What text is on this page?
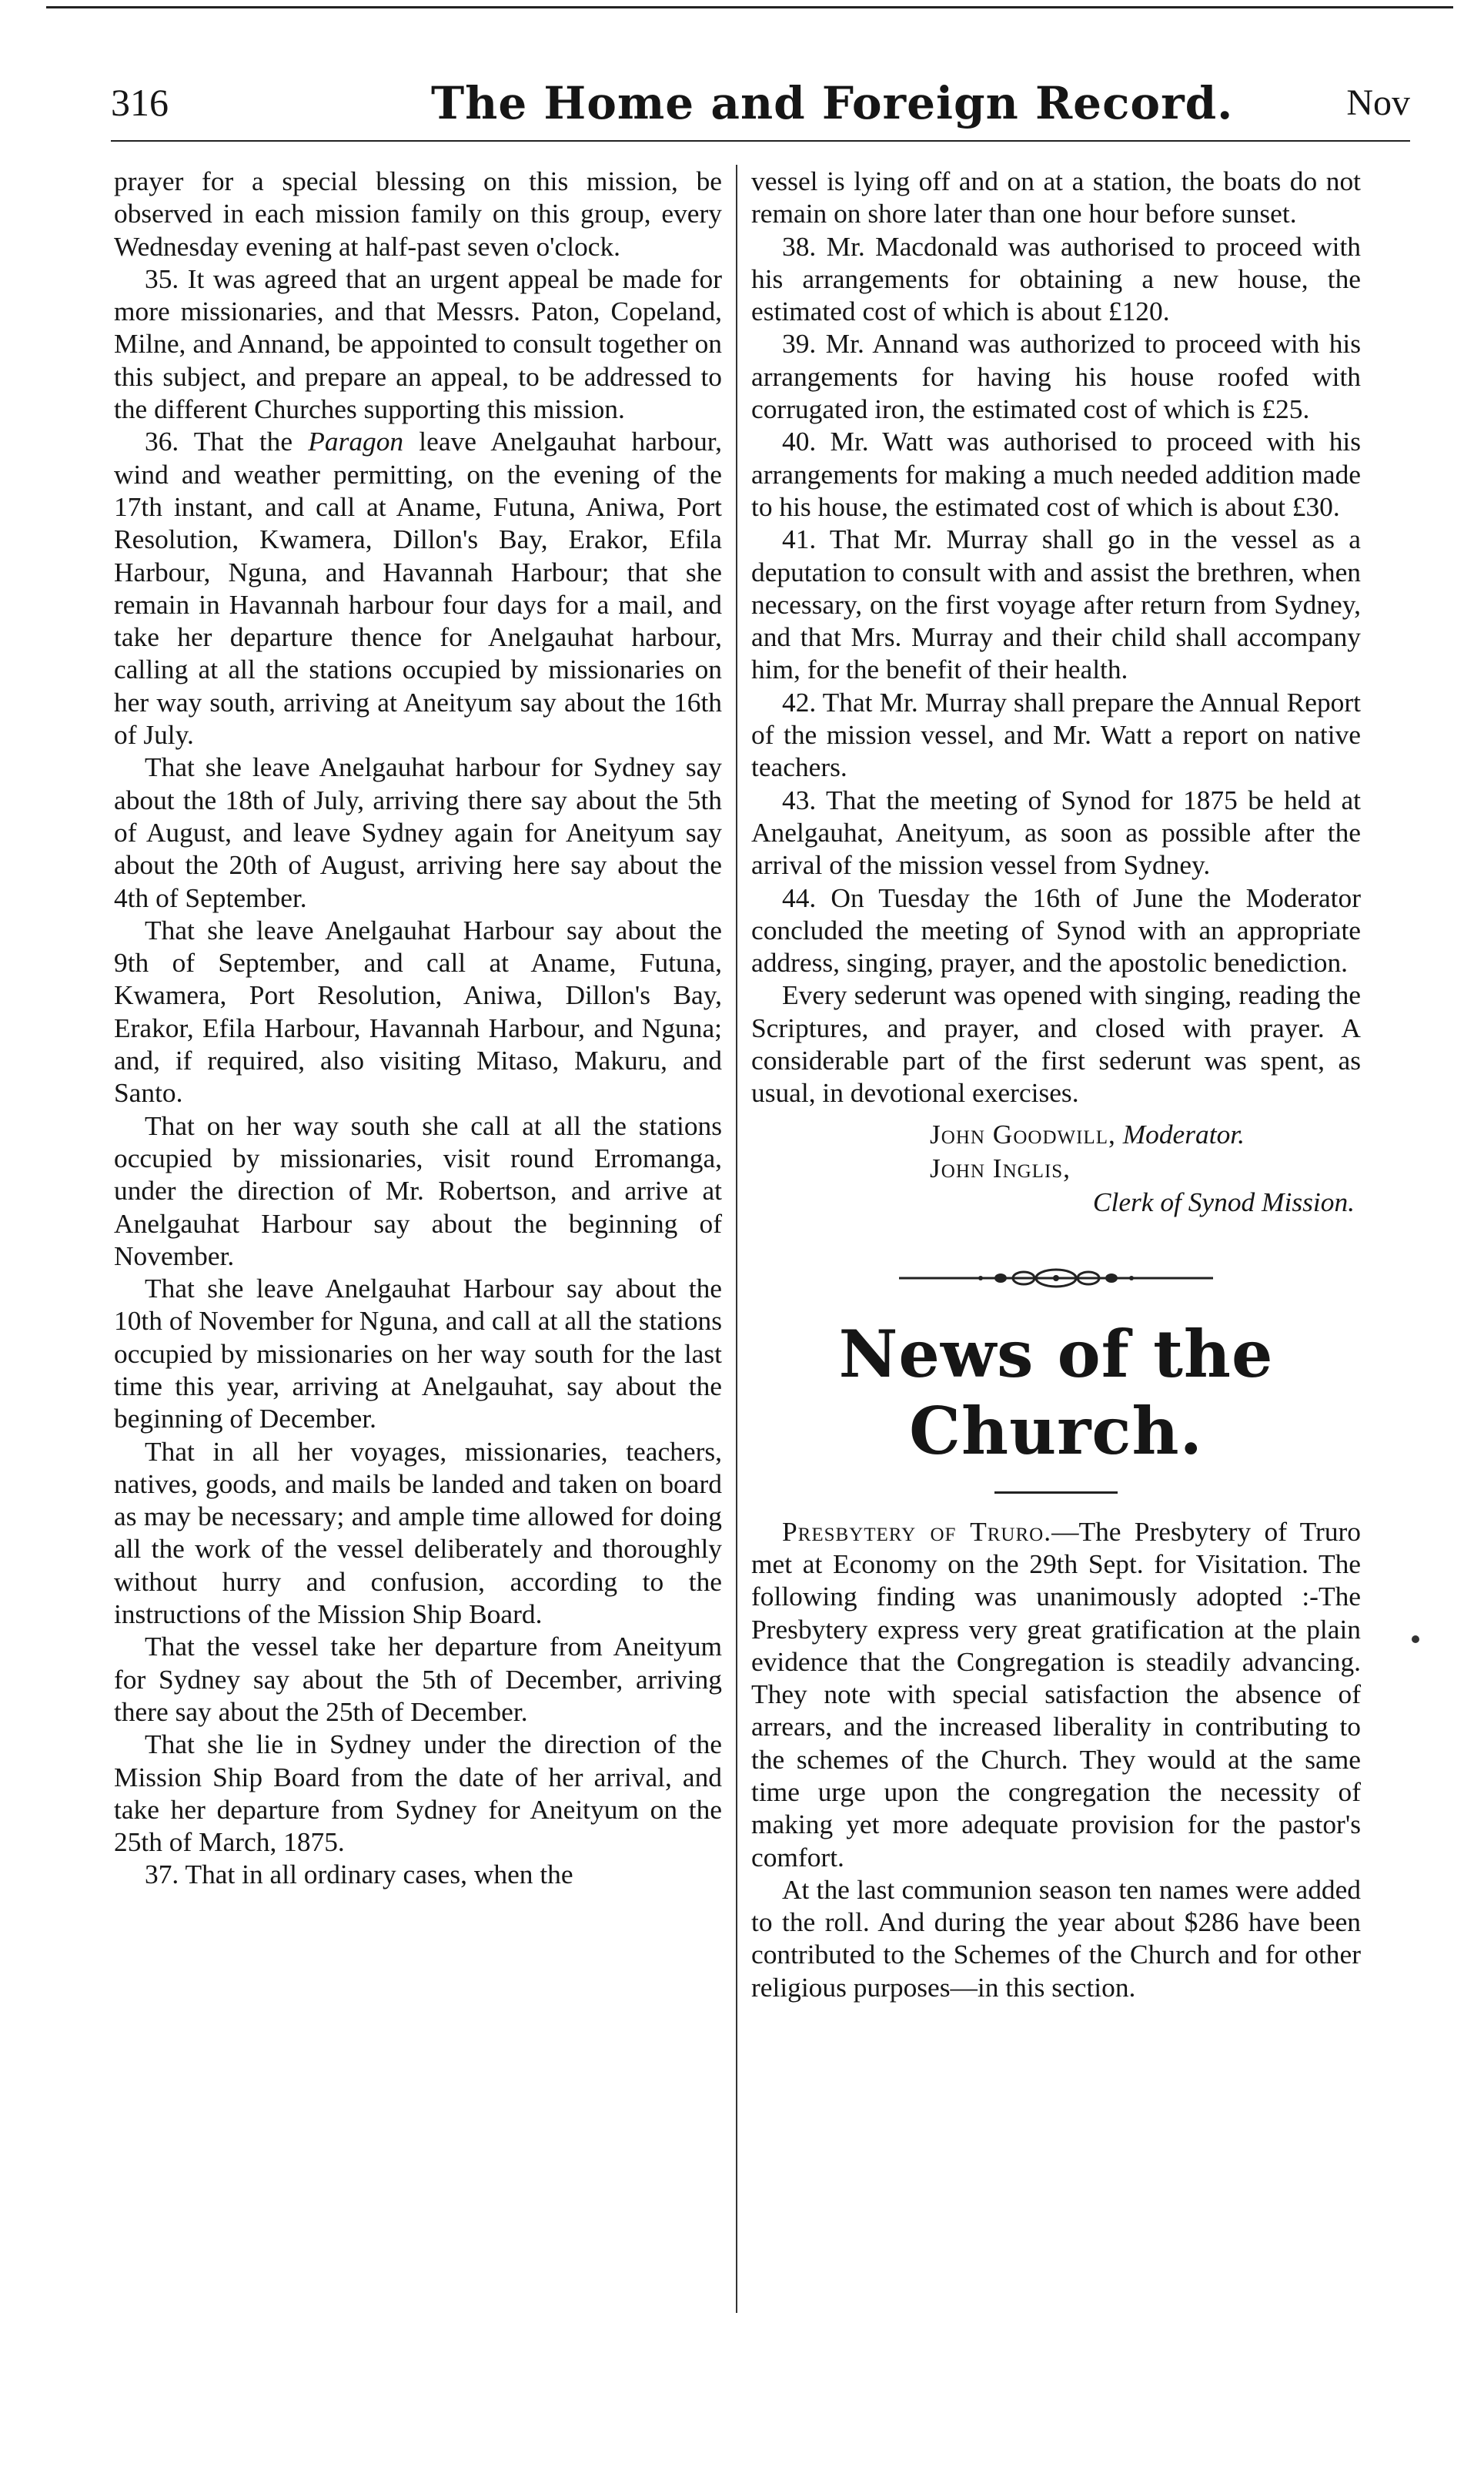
316	The Home and Foreign Record.	Nov

prayer for a special blessing on this mission, be observed in each mission family on this group, every Wednesday evening at half-past seven o'clock.

35. It was agreed that an urgent appeal be made for more missionaries, and that Messrs. Paton, Copeland, Milne, and Annand, be appointed to consult together on this subject, and prepare an appeal, to be addressed to the different Churches supporting this mission.

36. That the Paragon leave Anelgauhat harbour, wind and weather permitting, on the evening of the 17th instant, and call at Aname, Futuna, Aniwa, Port Resolution, Kwamera, Dillon's Bay, Erakor, Efila Harbour, Nguna, and Havannah Harbour; that she remain in Havannah harbour four days for a mail, and take her departure thence for Anelgauhat harbour, calling at all the stations occupied by missionaries on her way south, arriving at Aneityum say about the 16th of July.

That she leave Anelgauhat harbour for Sydney say about the 18th of July, arriving there say about the 5th of August, and leave Sydney again for Aneityum say about the 20th of August, arriving here say about the 4th of September.

That she leave Anelgauhat Harbour say about the 9th of September, and call at Aname, Futuna, Kwamera, Port Resolution, Aniwa, Dillon's Bay, Erakor, Efila Harbour, Havannah Harbour, and Nguna; and, if required, also visiting Mitaso, Makuru, and Santo.

That on her way south she call at all the stations occupied by missionaries, visit round Erromanga, under the direction of Mr. Robertson, and arrive at Anelgauhat Harbour say about the beginning of November.

That she leave Anelgauhat Harbour say about the 10th of November for Nguna, and call at all the stations occupied by missionaries on her way south for the last time this year, arriving at Anelgauhat, say about the beginning of December.

That in all her voyages, missionaries, teachers, natives, goods, and mails be landed and taken on board as may be necessary; and ample time allowed for doing all the work of the vessel deliberately and thoroughly without hurry and confusion, according to the instructions of the Mission Ship Board.

That the vessel take her departure from Aneityum for Sydney say about the 5th of December, arriving there say about the 25th of December.

That she lie in Sydney under the direction of the Mission Ship Board from the date of her arrival, and take her departure from Sydney for Aneityum on the 25th of March, 1875.

37. That in all ordinary cases, when the

vessel is lying off and on at a station, the boats do not remain on shore later than one hour before sunset.

38. Mr. Macdonald was authorised to proceed with his arrangements for obtaining a new house, the estimated cost of which is about £120.

39. Mr. Annand was authorized to proceed with his arrangements for having his house roofed with corrugated iron, the estimated cost of which is £25.

40. Mr. Watt was authorised to proceed with his arrangements for making a much needed addition made to his house, the estimated cost of which is about £30.

41. That Mr. Murray shall go in the vessel as a deputation to consult with and assist the brethren, when necessary, on the first voyage after return from Sydney, and that Mrs. Murray and their child shall accompany him, for the benefit of their health.

42. That Mr. Murray shall prepare the Annual Report of the mission vessel, and Mr. Watt a report on native teachers.

43. That the meeting of Synod for 1875 be held at Anelgauhat, Aneityum, as soon as possible after the arrival of the mission vessel from Sydney.

44. On Tuesday the 16th of June the Moderator concluded the meeting of Synod with an appropriate address, singing, prayer, and the apostolic benediction.

Every sederunt was opened with singing, reading the Scriptures, and prayer, and closed with prayer. A considerable part of the first sederunt was spent, as usual, in devotional exercises.

John Goodwill, Moderator.
John Inglis,
Clerk of Synod Mission.
News of the Church.

Presbytery of Truro.—The Presbytery of Truro met at Economy on the 29th Sept. for Visitation. The following finding was unanimously adopted :-The Presbytery express very great gratification at the plain evidence that the Congregation is steadily advancing. They note with special satisfaction the absence of arrears, and the increased liberality in contributing to the schemes of the Church. They would at the same time urge upon the congregation the necessity of making yet more adequate provision for the pastor's comfort.

At the last communion season ten names were added to the roll. And during the year about $286 have been contributed to the Schemes of the Church and for other religious purposes—in this section.
